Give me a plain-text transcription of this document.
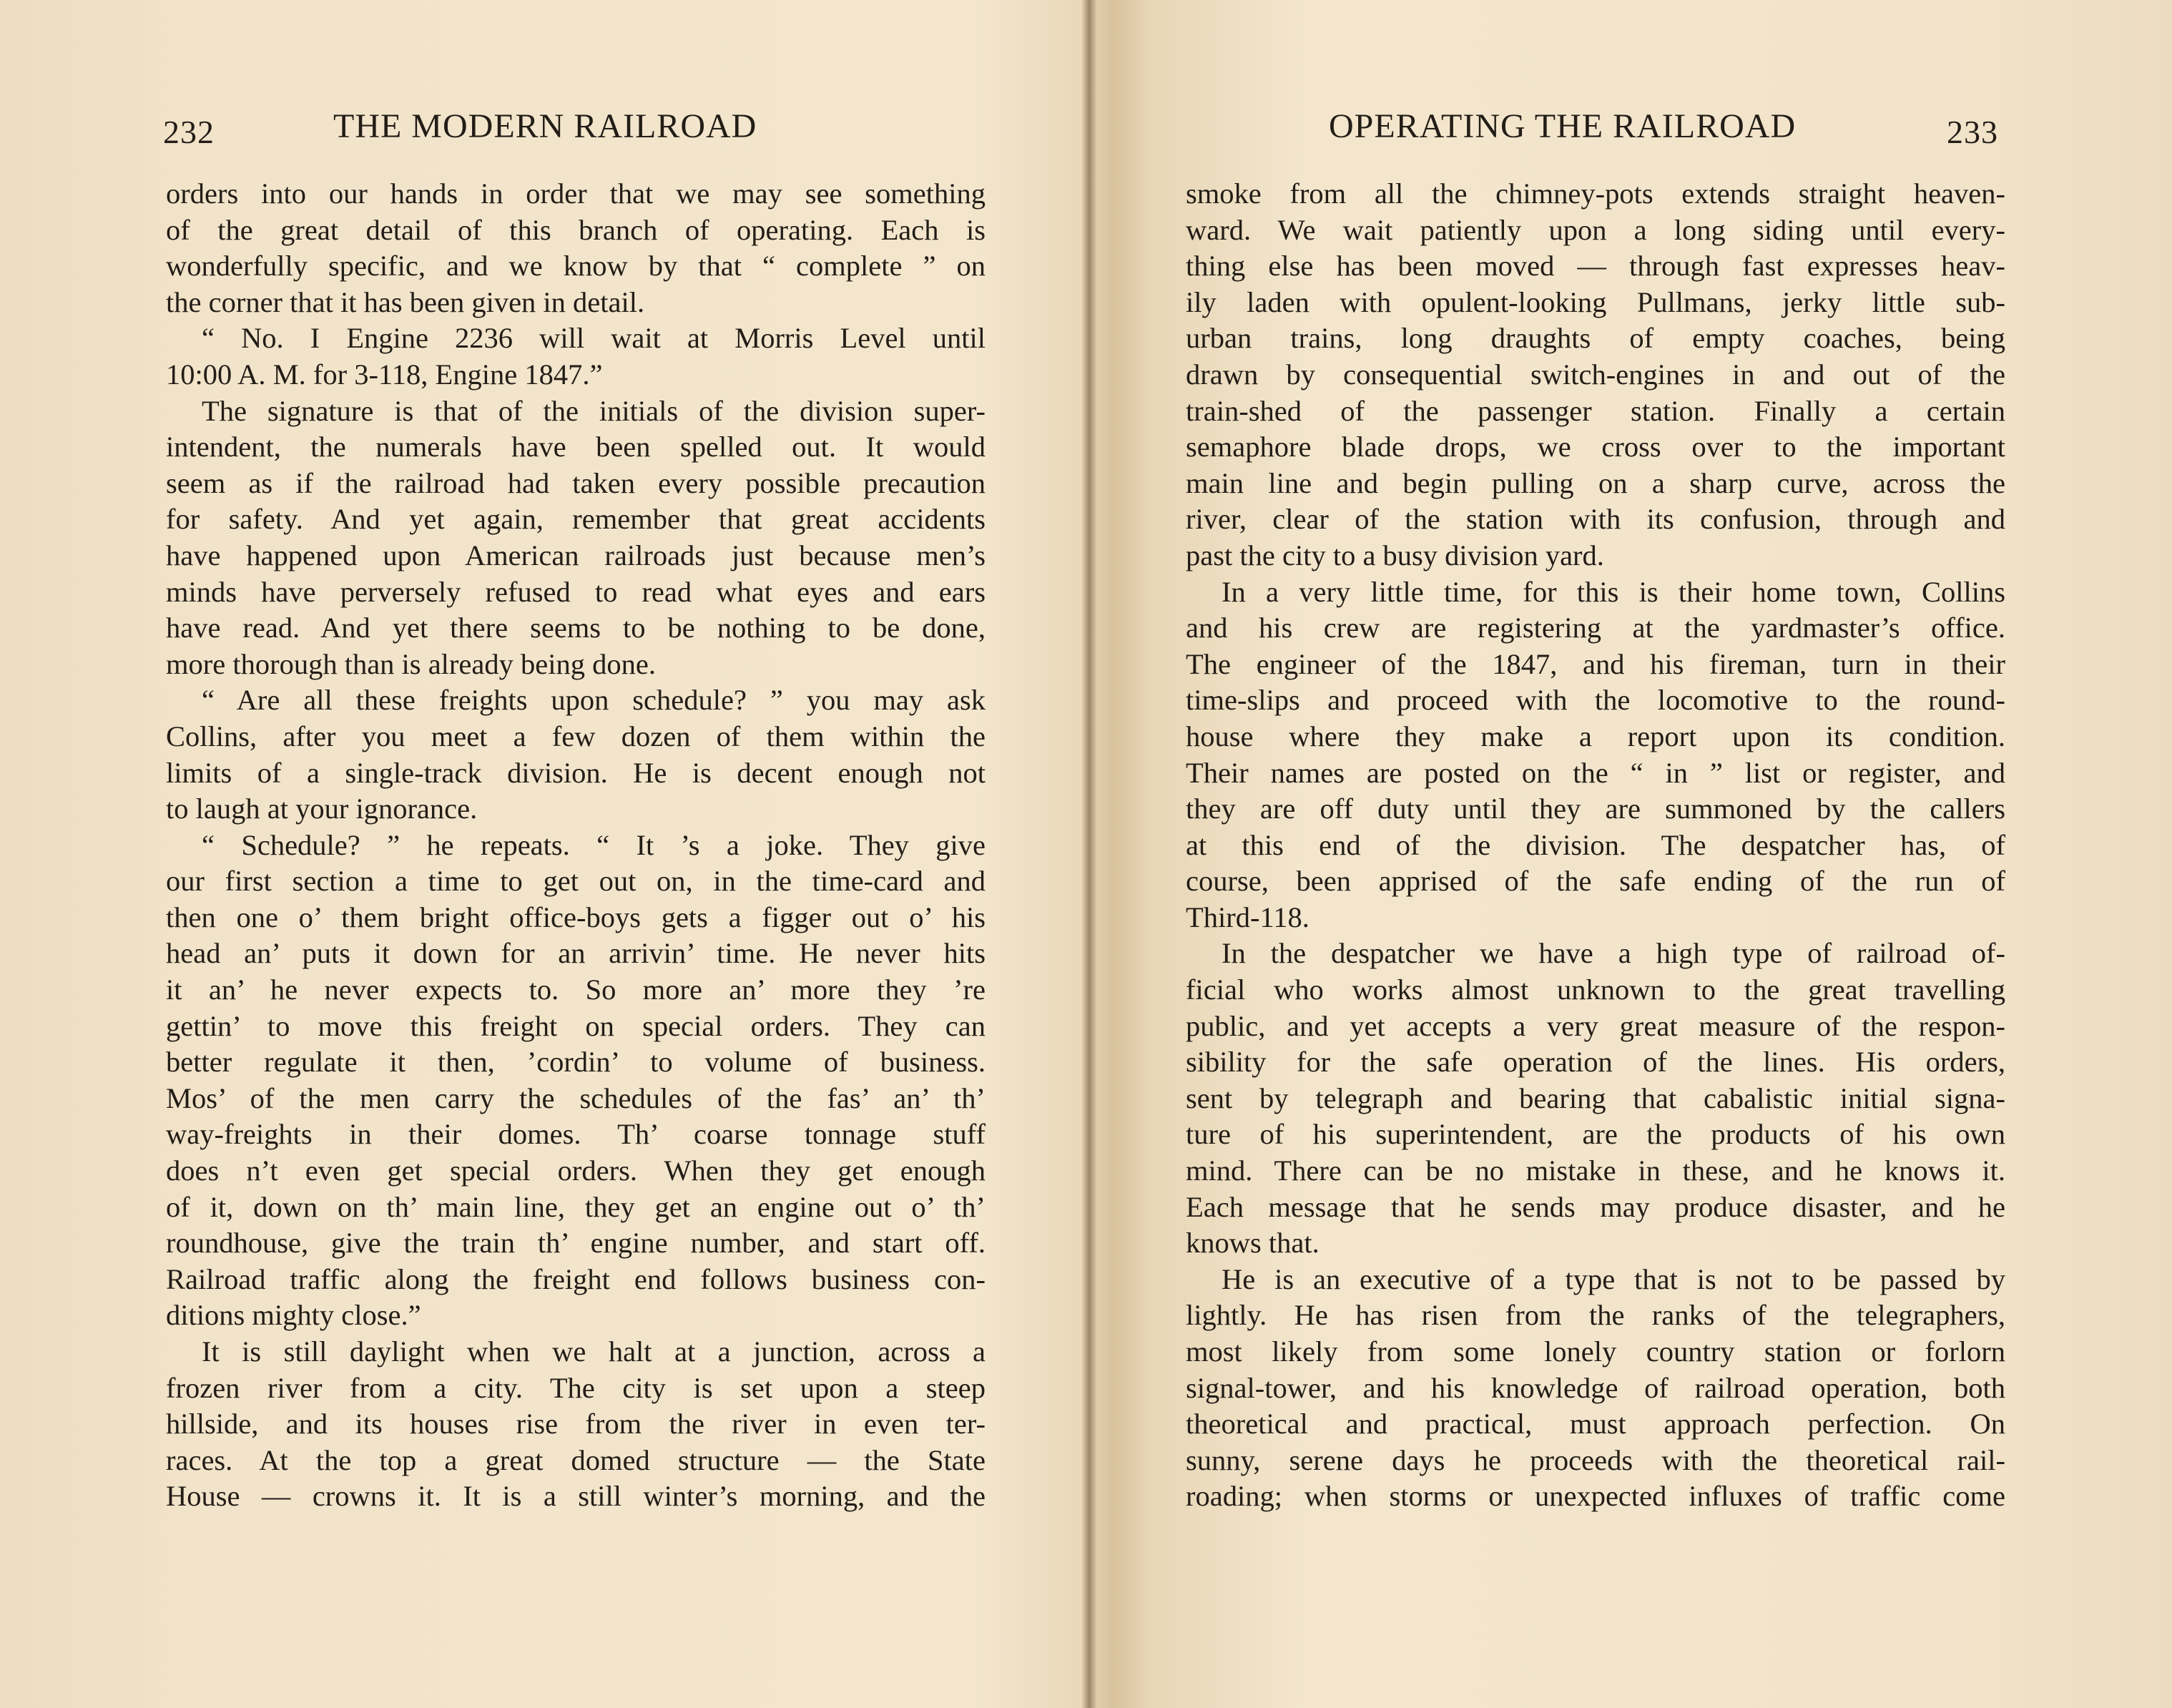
232	THE MODERN RAILROAD
orders into our hands in order that we may see something
of the great detail of this branch of operating. Each is
wonderfully specific, and we know by that “ complete ” on
the corner that it has been given in detail.
“ No. I Engine 2236 will wait at Morris Level until
10:00 A. M. for 3-118, Engine 1847.”
The signature is that of the initials of the division super-
intendent, the numerals have been spelled out. It would
seem as if the railroad had taken every possible precaution
for safety. And yet again, remember that great accidents
have happened upon American railroads just because men’s
minds have perversely refused to read what eyes and ears
have read. And yet there seems to be nothing to be done,
more thorough than is already being done.
“ Are all these freights upon schedule? ” you may ask
Collins, after you meet a few dozen of them within the
limits of a single-track division. He is decent enough not
to laugh at your ignorance.
“ Schedule? ” he repeats. “ It ’s a joke. They give
our first section a time to get out on, in the time-card and
then one o’ them bright office-boys gets a figger out o’ his
head an’ puts it down for an arrivin’ time. He never hits
it an’ he never expects to. So more an’ more they ’re
gettin’ to move this freight on special orders. They can
better regulate it then, ’cordin’ to volume of business.
Mos’ of the men carry the schedules of the fas’ an’ th’
way-freights in their domes. Th’ coarse tonnage stuff
does n’t even get special orders. When they get enough
of it, down on th’ main line, they get an engine out o’ th’
roundhouse, give the train th’ engine number, and start off.
Railroad traffic along the freight end follows business con-
ditions mighty close.”
It is still daylight when we halt at a junction, across a
frozen river from a city. The city is set upon a steep
hillside, and its houses rise from the river in even ter-
races. At the top a great domed structure — the State
House — crowns it. It is a still winter’s morning, and the
OPERATING THE RAILROAD	233
smoke from all the chimney-pots extends straight heaven-
ward. We wait patiently upon a long siding until every-
thing else has been moved — through fast expresses heav-
ily laden with opulent-looking Pullmans, jerky little sub-
urban trains, long draughts of empty coaches, being
drawn by consequential switch-engines in and out of the
train-shed of the passenger station. Finally a certain
semaphore blade drops, we cross over to the important
main line and begin pulling on a sharp curve, across the
river, clear of the station with its confusion, through and
past the city to a busy division yard.
In a very little time, for this is their home town, Collins
and his crew are registering at the yardmaster’s office.
The engineer of the 1847, and his fireman, turn in their
time-slips and proceed with the locomotive to the round-
house where they make a report upon its condition.
Their names are posted on the “ in ” list or register, and
they are off duty until they are summoned by the callers
at this end of the division. The despatcher has, of
course, been apprised of the safe ending of the run of
Third-118.
In the despatcher we have a high type of railroad of-
ficial who works almost unknown to the great travelling
public, and yet accepts a very great measure of the respon-
sibility for the safe operation of the lines. His orders,
sent by telegraph and bearing that cabalistic initial signa-
ture of his superintendent, are the products of his own
mind. There can be no mistake in these, and he knows it.
Each message that he sends may produce disaster, and he
knows that.
He is an executive of a type that is not to be passed by
lightly. He has risen from the ranks of the telegraphers,
most likely from some lonely country station or forlorn
signal-tower, and his knowledge of railroad operation, both
theoretical and practical, must approach perfection. On
sunny, serene days he proceeds with the theoretical rail-
roading; when storms or unexpected influxes of traffic come
